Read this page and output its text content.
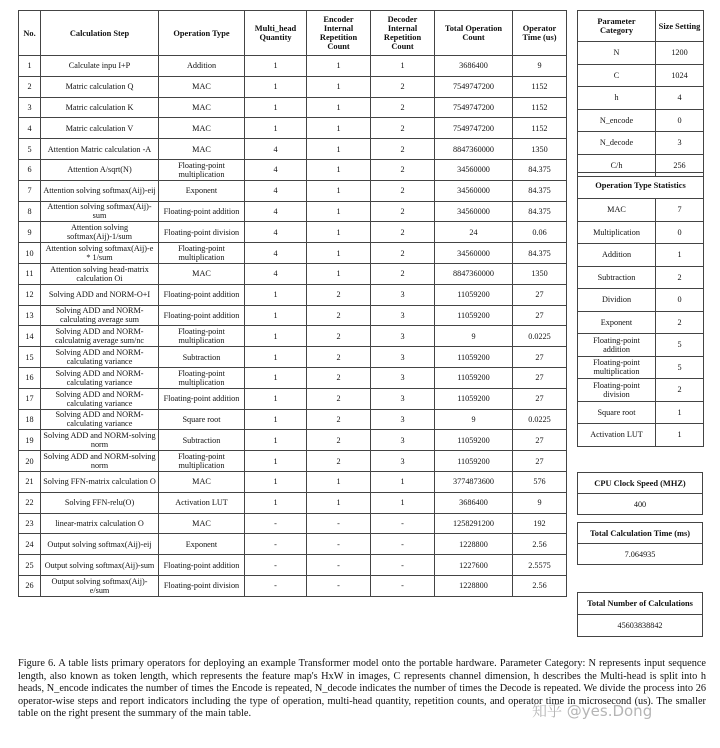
No.	Calculation Step	Operation Type	Multi_head Quantity	Encoder Internal Repetition Count	Decoder Internal Repetition Count	Total Operation Count	Operator Time (us)
1	Calculate inpu I+P	Addition	1	1	1	3686400	9
2	Matric calculation Q	MAC	1	1	2	7549747200	1152
3	Matric calculation K	MAC	1	1	2	7549747200	1152
4	Matric calculation V	MAC	1	1	2	7549747200	1152
5	Attention Matric calculation -A	MAC	4	1	2	8847360000	1350
6	Attention A/sqrt(N)	Floating-point multiplication	4	1	2	34560000	84.375
7	Attention solving softmax(Aij)-eij	Exponent	4	1	2	34560000	84.375
8	Attention solving softmax(Aij)-sum	Floating-point addition	4	1	2	34560000	84.375
9	Attention solving softmax(Aij)-1/sum	Floating-point division	4	1	2	24	0.06
10	Attention solving softmax(Aij)-e * 1/sum	Floating-point multiplication	4	1	2	34560000	84.375
11	Attention solving head-matrix calculation Oi	MAC	4	1	2	8847360000	1350
12	Solving ADD and NORM-O+I	Floating-point addition	1	2	3	11059200	27
13	Solving ADD and NORM-calculating average sum	Floating-point addition	1	2	3	11059200	27
14	Solving ADD and NORM-calculatnig average sum/nc	Floating-point multiplication	1	2	3	9	0.0225
15	Solving ADD and NORM-calculating variance	Subtraction	1	2	3	11059200	27
16	Solving ADD and NORM-calculating variance	Floating-point multiplication	1	2	3	11059200	27
17	Solving ADD and NORM-calculating variance	Floating-point addition	1	2	3	11059200	27
18	Solving ADD and NORM-calculating variance	Square root	1	2	3	9	0.0225
19	Solving ADD and NORM-solving norm	Subtraction	1	2	3	11059200	27
20	Solving ADD and NORM-solving norm	Floating-point multiplication	1	2	3	11059200	27
21	Solving FFN-matrix calculation O	MAC	1	1	1	3774873600	576
22	Solving FFN-relu(O)	Activation LUT	1	1	1	3686400	9
23	linear-matrix calculation O	MAC	-	-	-	1258291200	192
24	Output solving softmax(Aij)-eij	Exponent	-	-	-	1228800	2.56
25	Output solving softmax(Aij)-sum	Floating-point addition	-	-	-	1227600	2.5575
26	Output solving softmax(Aij)-e/sum	Floating-point division	-	-	-	1228800	2.56
Parameter Category	Size Setting
N	1200
C	1024
h	4
N_encode	0
N_decode	3
C/h	256
Operation Type Statistics	
MAC	7
Multiplication	0
Addition	1
Subtraction	2
Dividion	0
Exponent	2
Floating-point addition	5
Floating-point multiplication	5
Floating-point division	2
Square root	1
Activation LUT	1
CPU Clock Speed (MHZ)
400
Total Calculation Time (ms)
7.064935
Total Number of Calculations
45603838842

Figure 6. A table lists primary operators for deploying an example Transformer model onto the portable hardware. Parameter Category: N represents input sequence length, also known as token length, which represents the feature map's HxW in images, C represents channel dimension, h describes the Multi-head is split into h heads, N_encode indicates the number of times the Encode is repeated, N_decode indicates the number of times the Decode is repeated. We divide the process into 26 operator-wise steps and report indicators including the type of operation, multi-head quantity, repetition counts, and operator time in microsecond (us). The smaller table on the right present the summary of the main table.	知乎 @yes.Dong
